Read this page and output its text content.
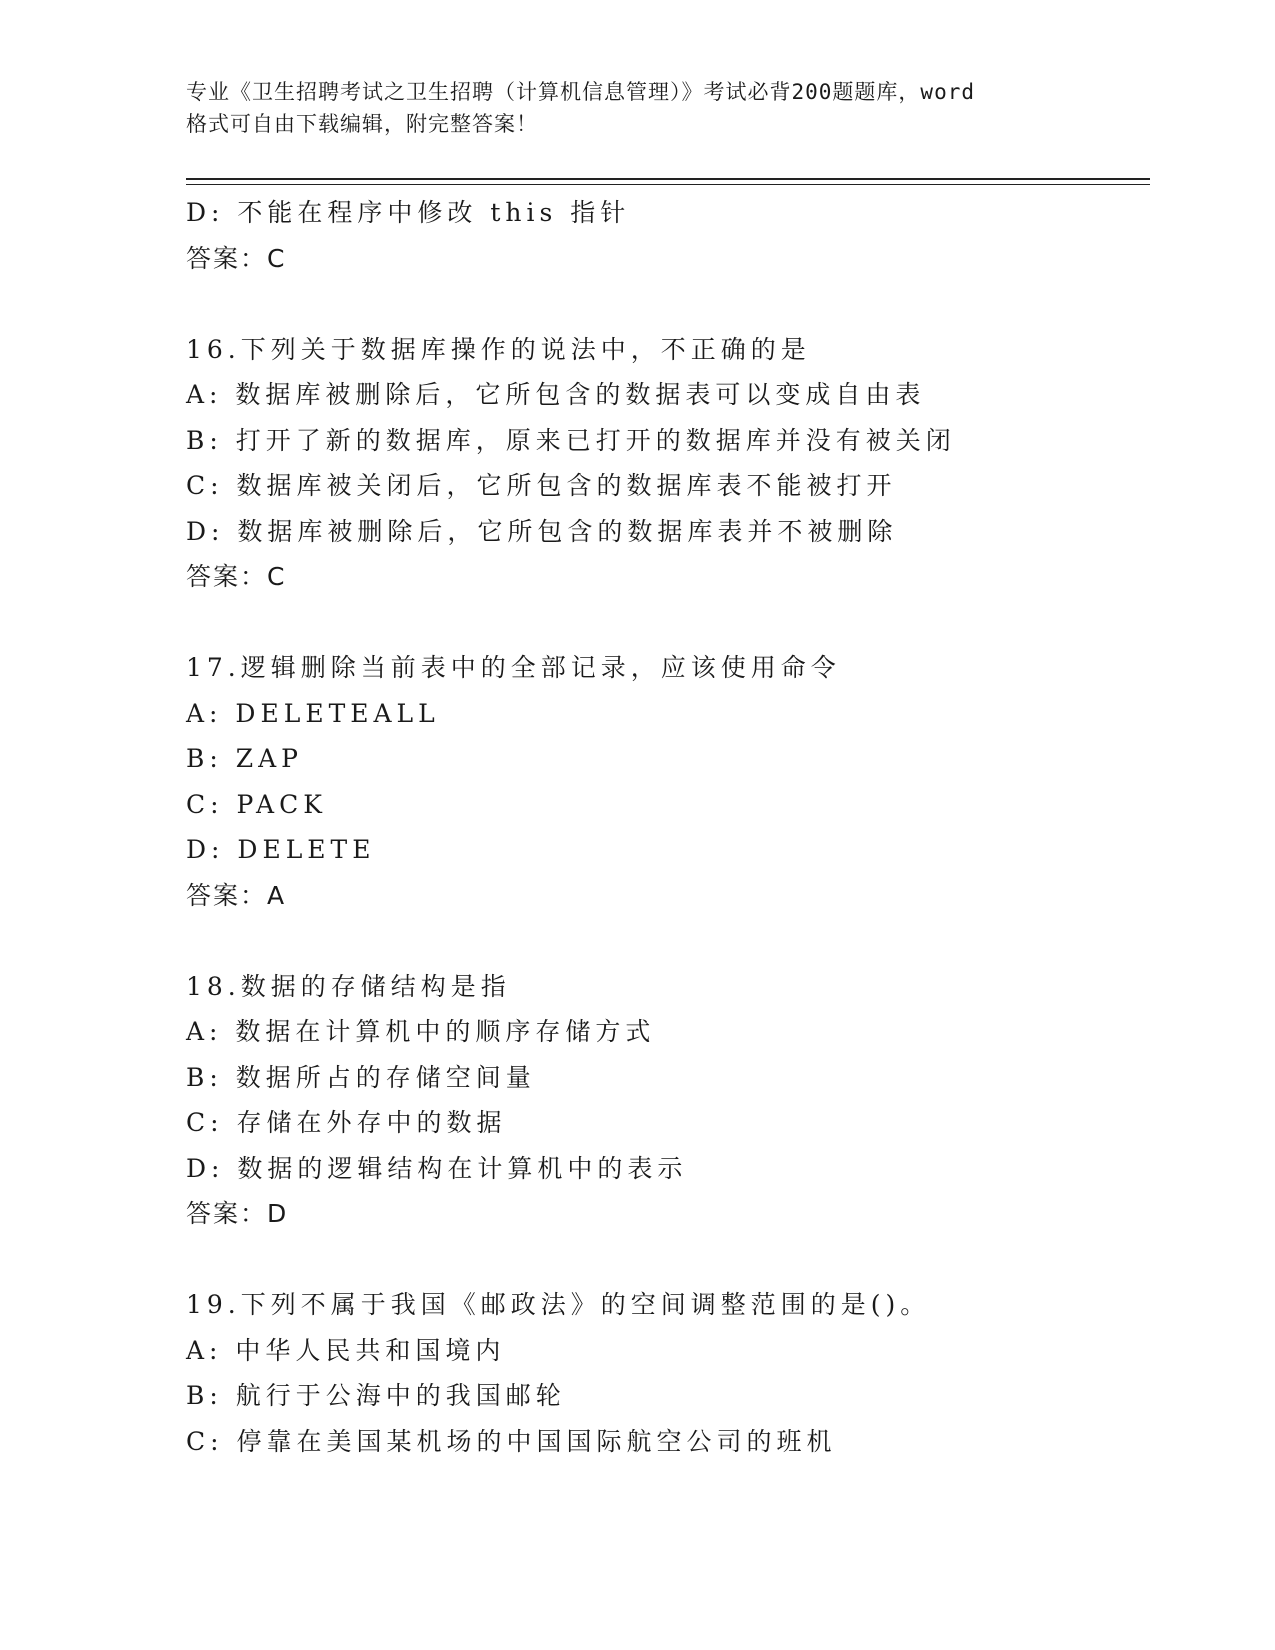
专业《卫生招聘考试之卫生招聘（计算机信息管理）》考试必背200题题库，word
格式可自由下载编辑，附完整答案！
D: 不能在程序中修改 this 指针
答案：C
16.下列关于数据库操作的说法中，不正确的是
A: 数据库被删除后，它所包含的数据表可以变成自由表
B: 打开了新的数据库，原来已打开的数据库并没有被关闭
C: 数据库被关闭后，它所包含的数据库表不能被打开
D: 数据库被删除后，它所包含的数据库表并不被删除
答案：C
17.逻辑删除当前表中的全部记录，应该使用命令
A: DELETEALL
B: ZAP
C: PACK
D: DELETE
答案：A
18.数据的存储结构是指
A: 数据在计算机中的顺序存储方式
B: 数据所占的存储空间量
C: 存储在外存中的数据
D: 数据的逻辑结构在计算机中的表示
答案：D
19.下列不属于我国《邮政法》的空间调整范围的是()。
A: 中华人民共和国境内
B: 航行于公海中的我国邮轮
C: 停靠在美国某机场的中国国际航空公司的班机
